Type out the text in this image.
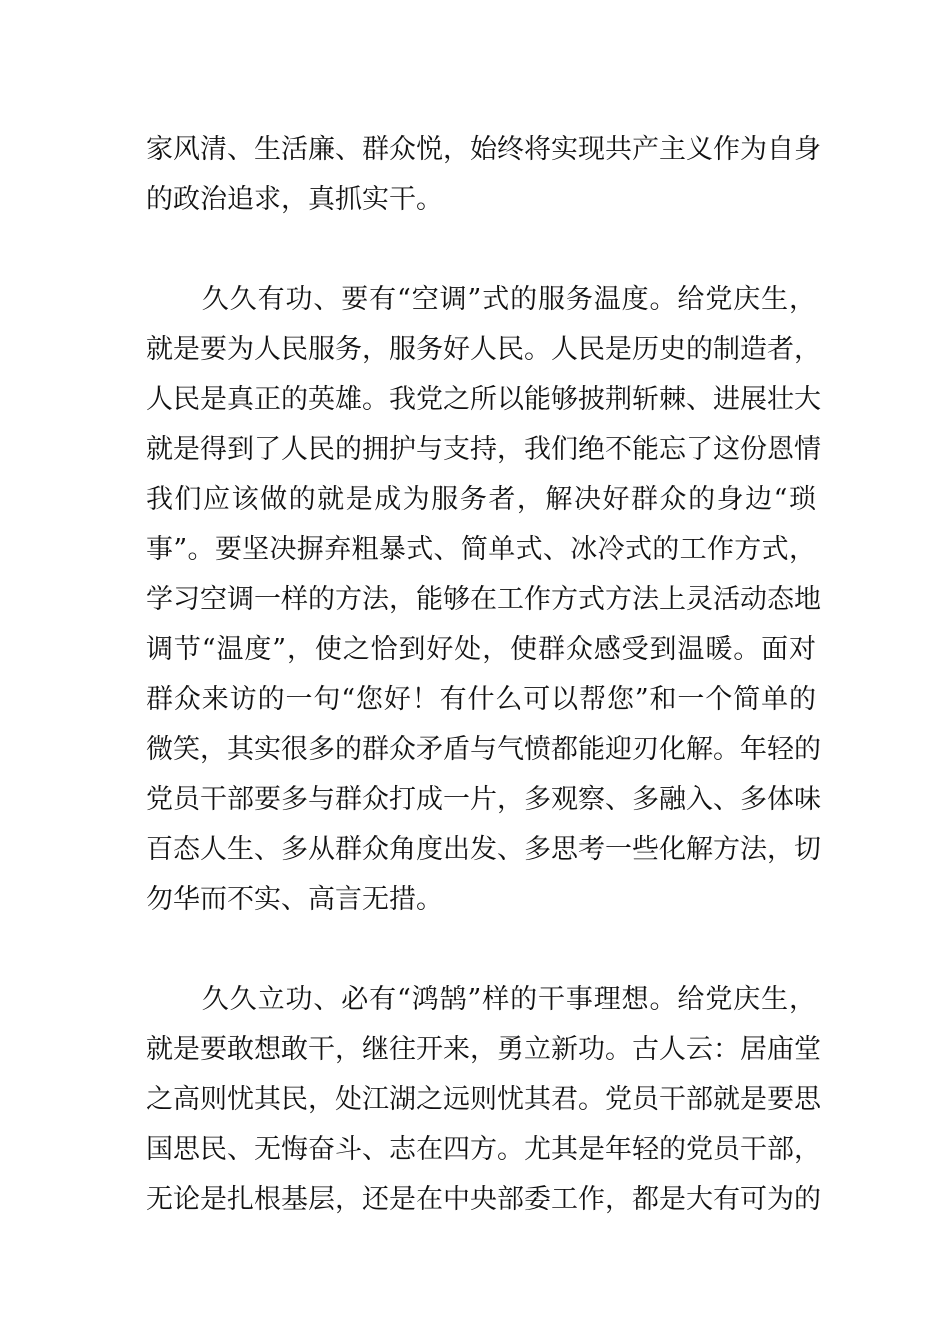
家风清、生活廉、群众悦，始终将实现共产主义作为自身
的政治追求，真抓实干。
　　久久有功、要有“空调”式的服务温度。给党庆生，
就是要为人民服务，服务好人民。人民是历史的制造者，
人民是真正的英雄。我党之所以能够披荆斩棘、进展壮大
就是得到了人民的拥护与支持，我们绝不能忘了这份恩情
我们应该做的就是成为服务者，解决好群众的身边“琐
事”。要坚决摒弃粗暴式、简单式、冰冷式的工作方式，
学习空调一样的方法，能够在工作方式方法上灵活动态地
调节“温度”，使之恰到好处，使群众感受到温暖。面对
群众来访的一句“您好！有什么可以帮您”和一个简单的
微笑，其实很多的群众矛盾与气愤都能迎刃化解。年轻的
党员干部要多与群众打成一片，多观察、多融入、多体味
百态人生、多从群众角度出发、多思考一些化解方法，切
勿华而不实、高言无措。
　　久久立功、必有“鸿鹄”样的干事理想。给党庆生，
就是要敢想敢干，继往开来，勇立新功。古人云：居庙堂
之高则忧其民，处江湖之远则忧其君。党员干部就是要思
国思民、无悔奋斗、志在四方。尤其是年轻的党员干部，
无论是扎根基层，还是在中央部委工作，都是大有可为的
